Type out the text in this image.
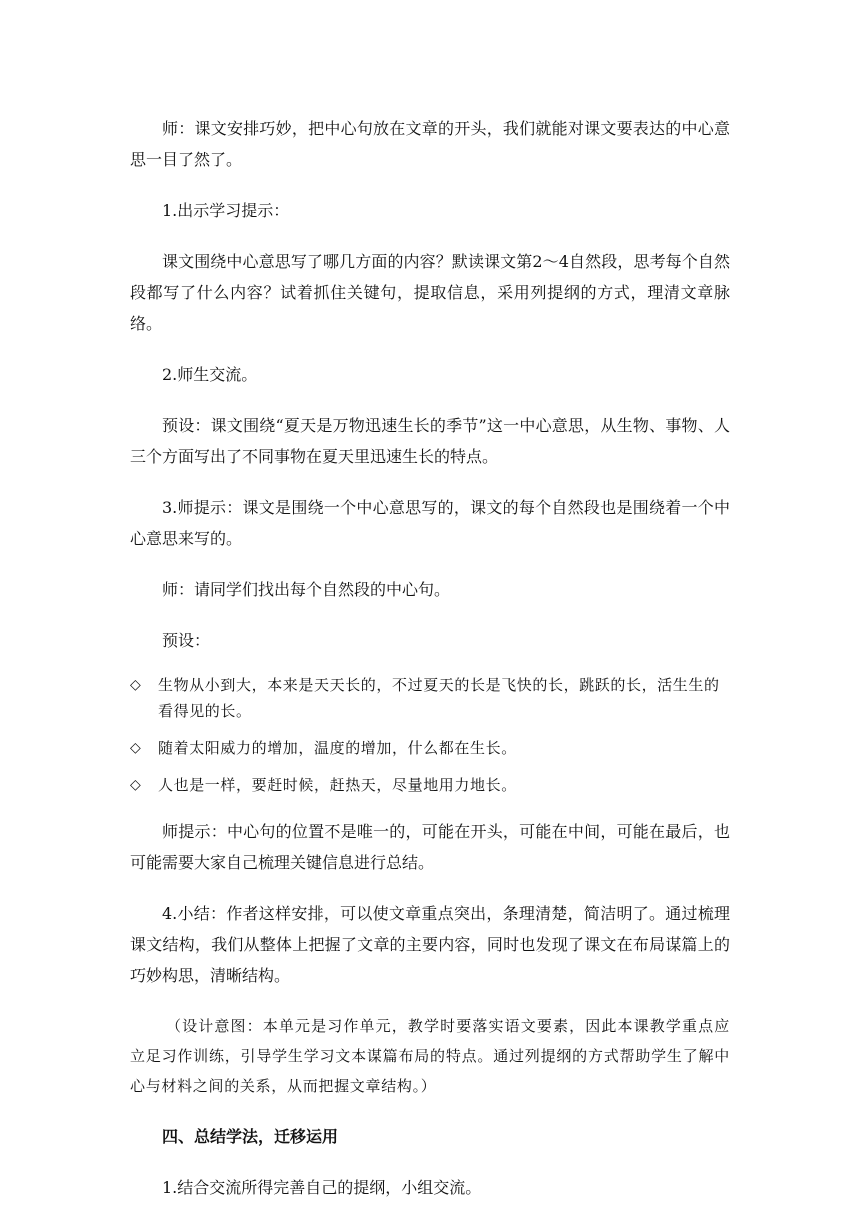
师：课文安排巧妙，把中心句放在文章的开头，我们就能对课文要表达的中心意思一目了然了。

1.出示学习提示：

课文围绕中心意思写了哪几方面的内容？默读课文第2～4自然段，思考每个自然段都写了什么内容？试着抓住关键句，提取信息，采用列提纲的方式，理清文章脉络。

2.师生交流。

预设：课文围绕“夏天是万物迅速生长的季节”这一中心意思，从生物、事物、人三个方面写出了不同事物在夏天里迅速生长的特点。

3.师提示：课文是围绕一个中心意思写的，课文的每个自然段也是围绕着一个中心意思来写的。

师：请同学们找出每个自然段的中心句。

预设：

◇	生物从小到大，本来是天天长的，不过夏天的长是飞快的长，跳跃的长，活生生的看得见的长。
◇	随着太阳威力的增加，温度的增加，什么都在生长。
◇	人也是一样，要赶时候，赶热天，尽量地用力地长。

师提示：中心句的位置不是唯一的，可能在开头，可能在中间，可能在最后，也可能需要大家自己梳理关键信息进行总结。

4.小结：作者这样安排，可以使文章重点突出，条理清楚，简洁明了。通过梳理课文结构，我们从整体上把握了文章的主要内容，同时也发现了课文在布局谋篇上的巧妙构思，清晰结构。

（设计意图：本单元是习作单元，教学时要落实语文要素，因此本课教学重点应立足习作训练，引导学生学习文本谋篇布局的特点。通过列提纲的方式帮助学生了解中心与材料之间的关系，从而把握文章结构。）

四、总结学法，迁移运用

1.结合交流所得完善自己的提纲，小组交流。
